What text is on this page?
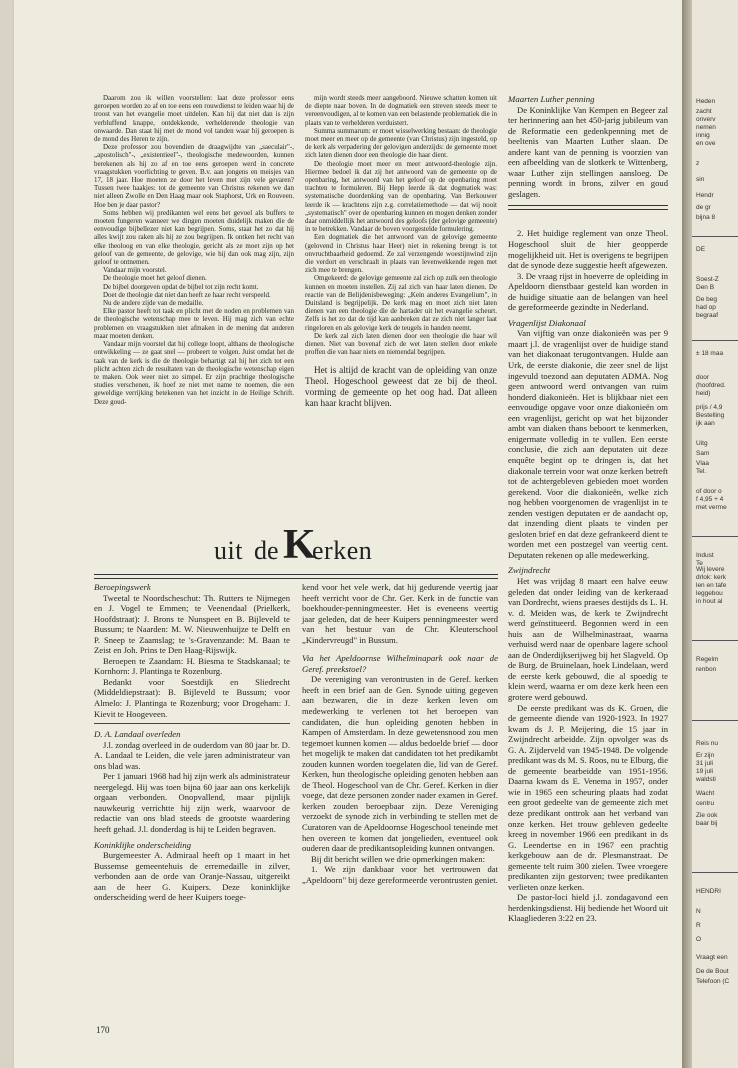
Daarom zou ik willen voorstellen: laat deze professor eens geroepen worden zo af en toe eens een rouwdienst te leiden waar hij de troost van het evangelie moet uitdelen. Kan hij dat niet dan is zijn verbluffend knappe, ontdekkende, verhelderende theologie van onwaarde. Dan staat hij met de mond vol tanden waar hij geroepen is de mond des Heren te zijn.

Deze professor zou bovendien de draagwijdte van „saeculair"-, „apostolisch"-, „existentieel"-, theologische medewoorden, kunnen berekenen als hij zo af en toe eens geroepen werd in concrete vraagstukken voorlichting te geven. B.v. aan jongens en meisjes van 17, 18 jaar. Hoe moeten ze door het leven met zijn vele gevaren? Tussen twee haakjes: tot de gemeente van Christus rekenen we dan niet alleen Zwolle en Den Haag maar ook Staphorst, Urk en Rouveen. Hoe ben je daar pastor?

Soms hebben wij predikanten wel eens het gevoel als buffers te moeten fungeren wanneer we dingen moeten duidelijk maken die de eenvoudige bijbellezer niet kan begrijpen. Soms, staat het zo dat hij alles kwijt zou raken als hij ze zou begrijpen. Ik ontken het recht van elke theoloog en van elke theologie, gericht als ze moet zijn op het geloof van de gemeente, de gelovige, wie hij dan ook mag zijn, zijn geloof te ontnemen.

Vandaar mijn voorstel.

De theologie moet het geloof dienen.

De bijbel doorgeven opdat de bijbel tot zijn recht komt.

Doet de theologie dat niet dan heeft ze haar recht verspeeld.

Nu de andere zijde van de medaille.

Elke pastor heeft tot taak en plicht met de noden en problemen van de theologische wetenschap mee te leven. Hij mag zich van echte problemen en vraagstukken niet afmaken in de mening dat anderen maar moeten denken.

Vandaar mijn voorstel dat hij college loopt, althans de theologische ontwikkeling — ze gaat snel — probeert te volgen. Juist omdat het de taak van de kerk is die de theologie behartigt zal hij het zich tot een plicht achten zich de resultaten van de theologische wetenschap eigen te maken. Ook weer niet zo simpel. Er zijn prachtige theologische studies verschenen, ik hoef ze niet met name te noemen, die een geweldige verrijking betekenen van het inzicht in de Heilige Schrift. Deze goud-

mijn wordt steeds meer aangeboord. Nieuwe schatten komen uit de diepte naar boven. In de dogmatiek een streven steeds meer te vereenvoudigen, al te komen van een belastende problematiek die in plaats van te verhelderen verduistert.

Summa summarum: er moet wisselwerking bestaan: de theologie moet meer en meer op de gemeente (van Christus) zijn ingesteld, op de kerk als verpadering der gelovigen anderzijds: de gemeente moet zich laten dienen door een theologie die haar dient.

De theologie moet meer en meer antwoord-theologie zijn. Hiermee bedoel ik dat zij het antwoord van de gemeente op de openbaring, het antwoord van het geloof op de openbaring moet trachten te formuleren. Bij Hepp leerde ik dat dogmatiek was: systematische doordenking van de openbaring. Van Berkouwer leerde ik — krachtens zijn z.g. correlatiemethode — dat wij nooit „systematisch" over de openbaring kunnen en mogen denken zonder daar onmiddellijk het antwoord des geloofs (der gelovige gemeente) in te betrekken. Vandaar de boven voorgestelde formulering.

Een dogmatiek die het antwoord van de gelovige gemeente (gelovend in Christus haar Heer) niet in rekening brengt is tot onvruchtbaarheid gedoemd. Ze zal verzengende woestijnwind zijn die verdort en verschraalt in plaats van levenwekkende regen met zich mee te brengen.

Omgekeerd: de gelovige gemeente zal zich op zulk een theologie kunnen en moeten instellen. Zij zal zich van haar laten dienen. De reactie van de Belijdenisbeweging: „Kein anderes Evangelium", in Duitsland is begrijpelijk. De kerk mag en moet zich niet laten dienen van een theologie die de hartader uit het evangelie scheurt. Zelfs is het zo dat de tijd kan aanbreken dat ze zich niet langer laat ringeloren en als gelovige kerk de teugels in handen neemt.

De kerk zal zich laten dienen door een theologie die haar wil dienen. Niet van bovenaf zich de wet laten stellen door enkele proffen die van haar niets en niemendal begrijpen.

Het is altijd de kracht van de opleiding van onze Theol. Hogeschool geweest dat ze bij de theol. vorming de gemeente op het oog had. Dat alleen kan haar kracht blijven.

Maarten Luther penning

De Koninklijke Van Kempen en Begeer zal ter herinnering aan het 450-jarig jubileum van de Reformatie een gedenkpenning met de beeltenis van Maarten Luther slaan. De andere kant van de penning is voorzien van een afbeelding van de slotkerk te Wittenberg, waar Luther zijn stellingen aansloeg. De penning wordt in brons, zilver en goud geslagen.

2. Het huidige reglement van onze Theol. Hogeschool sluit de hier geopperde mogelijkheid uit. Het is overigens te begrijpen dat de synode deze suggestie heeft afgewezen.

3. De vraag rijst in hoeverre de opleiding in Apeldoorn dienstbaar gesteld kan worden in de huidige situatie aan de belangen van heel de gereformeerde gezindte in Nederland.

Vragenlijst Diakonaal

Van vijftig van onze diakonieën was per 9 maart j.l. de vragenlijst over de huidige stand van het diakonaat terugontvangen. Hulde aan Urk, de eerste diakonie, die zeer snel de lijst ingevuld toezond aan deputaten ADMA. Nog geen antwoord werd ontvangen van ruim honderd diakonieën. Het is blijkbaar niet een eenvoudige opgave voor onze diakonieën om een vragenlijst, gericht op wat het bijzonder ambt van diaken thans beboort te kenmerken, enigermate volledig in te vullen. Een eerste conclusie, die zich aan deputaten uit deze enquête begint op te dringen is, dat het diakonale terrein voor wat onze kerken betreft tot de achtergebleven gebieden moet worden gerekend. Voor die diakonieën, welke zich nog hebben voorgenomen de vragenlijst in te zenden vestigen deputaten er de aandacht op, dat inzending dient plaats te vinden per gesloten brief en dat deze gefrankeerd dient te worden met een postzegel van veertig cent. Deputaten rekenen op alle medewerking.

Zwijndrecht

Het was vrijdag 8 maart een halve eeuw geleden dat onder leiding van de kerkeraad van Dordrecht, wiens praeses destijds ds L. H. v. d. Meiden was, de kerk te Zwijndrecht werd geïnstitueerd. Begonnen werd in een huis aan de Wilhelminastraat, waarna verhuisd werd naar de openbare lagere school aan de Onderdijkserijweg bij het Slagveld. Op de Burg. de Bruinelaan, hoek Lindelaan, werd de eerste kerk gebouwd, die al spoedig te klein werd, waarna er om deze kerk heen een grotere werd gebouwd.

De eerste predikant was ds K. Groen, die de gemeente diende van 1920-1923. In 1927 kwam ds J. P. Meijering, die 15 jaar in Zwijndrecht arbeidde. Zijn opvolger was ds G. A. Zijderveld van 1945-1948. De volgende predikant was ds M. S. Roos, nu te Elburg, die de gemeente bearbeidde van 1951-1956. Daarna kwam ds E. Venema in 1957, onder wie in 1965 een scheuring plaats had zodat een groot gedeelte van de gemeente zich met deze predikant onttrok aan het verband van onze kerken. Het trouw gebleven gedeelte kreeg in november 1966 een predikant in ds G. Leendertse en in 1967 een prachtig kerkgebouw aan de dr. Plesmanstraat. De gemeente telt ruim 300 zielen. Twee vroegere predikanten zijn gestorven; twee predikanten verlieten onze kerken.

De pastor-loci hield j.l. zondagavond een herdenkingsdienst. Hij bediende het Woord uit Klaagliederen 3:22 en 23.

uit de K
erken
Beroepingswerk

Tweetal te Noordscheschut: Th. Rutters te Nijmegen en J. Vogel te Emmen; te Veenendaal (Prielkerk, Hoofdstraat): J. Brons te Nunspeet en B. Bijleveld te Bussum; te Naarden: M. W. Nieuwenhuijze te Delft en P. Sneep te Zaamslag; te 's-Gravenzande: M. Baan te Zeist en Joh. Prins te Den Haag-Rijswijk.

Beroepen te Zaandam: H. Biesma te Stadskanaal; te Kornhorn: J. Plantinga te Rozenburg.

Bedankt voor Soestdijk en Sliedrecht (Middeldiepstraat): B. Bijleveld te Bussum; voor Almelo: J. Plantinga te Rozenburg; voor Drogeham: J. Kievit te Hoogeveen.

D. A. Landaal overleden

J.l. zondag overleed in de ouderdom van 80 jaar br. D. A. Landaal te Leiden, die vele jaren administrateur van ons blad was.

Per 1 januari 1968 had hij zijn werk als administrateur neergelegd. Hij was toen bijna 60 jaar aan ons kerkelijk orgaan verbonden. Onopvallend, maar pijnlijk nauwkeurig verrichtte hij zijn werk, waarvoor de redactie van ons blad steeds de grootste waardering heeft gehad. J.l. donderdag is hij te Leiden begraven.

Koninklijke onderscheiding

Burgemeester A. Admiraal heeft op 1 maart in het Bussemse gemeentehuis de erremedaille in zilver, verbonden aan de orde van Oranje-Nassau, uitgereikt aan de heer G. Kuipers. Deze koninklijke onderscheiding werd de heer Kuipers toege-

kend voor het vele werk, dat hij gedurende veertig jaar heeft verricht voor de Chr. Ger. Kerk in de functie van boekhouder-penningmeester. Het is eveneens veertig jaar geleden, dat de heer Kuipers penningmeester werd van het bestuur van de Chr. Kleuterschool „Kindervreugd" in Bussum.

Via het Apeldoornse Wilhelminapark ook naar de Geref. preekstoel?

De vereniging van verontrusten in de Geref. kerken heeft in een brief aan de Gen. Synode uiting gegeven aan bezwaren, die in deze kerken leven om medewerking te verlenen tot het beroepen van candidaten, die hun opleiding genoten hebben in Kampen of Amsterdam. In deze gewetensnood zou men tegemoet kunnen komen — aldus bedoelde brief — door het mogelijk te maken dat candidaten tot het predikambt zouden kunnen worden toegelaten die, lid van de Geref. Kerken, hun theologische opleiding genoten hebben aan de Theol. Hogeschool van de Chr. Geref. Kerken in dier voege, dat deze personen zonder nader examen in Geref. kerken zouden beroepbaar zijn. Deze Vereniging verzoekt de synode zich in verbinding te stellen met de Curatoren van de Apeldoornse Hogeschool teneinde met hen overeen te komen dat jongelieden, eventueel ook ouderen daar de predikantsopleiding kunnen ontvangen.

Bij dit bericht willen we drie opmerkingen maken:

1. We zijn dankbaar voor het vertrouwen dat „Apeldoorn" bij deze gereformeerde verontrusten geniet.

170
Heden
zacht
onverv
nemen
innig
en ove
z
sin
Hendr
de gr
bijna 8
DE
Soest-Z
Den B
De beg
had op
begraaf
± 18 maa
door
(hoofdred.
heid)
prijs / 4,9
Bestelling
ijk aan
Uitg
Sam
Vlaa
Tel.
of door o
f 4,95 + 4
met verme
Indust
Te
Wij levere
drlok: kerk
len en tafe
leggebou
in hout al
Regelm
renbon
Reis nu
Er zijn
31 juli
19 juli
waldsti
Wacht
centru
Zie ook
baar bij
HENDRI
N
R
O
Vraagt een
De de Bout
Telefoon (C
